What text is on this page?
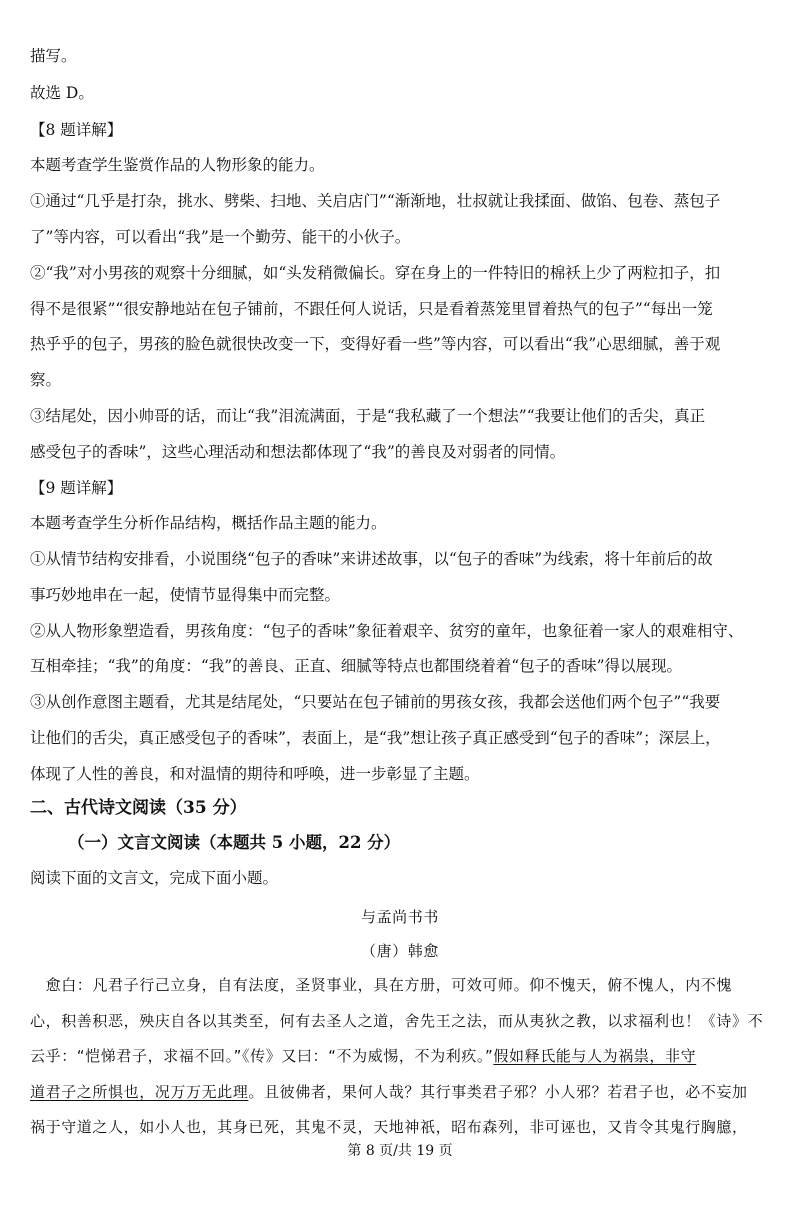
描写。
故选 D。
【8 题详解】
本题考查学生鉴赏作品的人物形象的能力。
①通过“几乎是打杂，挑水、劈柴、扫地、关启店门”“渐渐地，壮叔就让我揉面、做馅、包卷、蒸包子
了”等内容，可以看出“我”是一个勤劳、能干的小伙子。
②“我”对小男孩的观察十分细腻，如“头发稍微偏长。穿在身上的一件特旧的棉袄上少了两粒扣子，扣
得不是很紧”“很安静地站在包子铺前，不跟任何人说话，只是看着蒸笼里冒着热气的包子”“每出一笼
热乎乎的包子，男孩的脸色就很快改变一下，变得好看一些”等内容，可以看出“我”心思细腻，善于观
察。
③结尾处，因小帅哥的话，而让“我”泪流满面，于是“我私藏了一个想法”“我要让他们的舌尖，真正
感受包子的香味”，这些心理活动和想法都体现了“我”的善良及对弱者的同情。
【9 题详解】
本题考查学生分析作品结构，概括作品主题的能力。
①从情节结构安排看，小说围绕“包子的香味”来讲述故事，以“包子的香味”为线索，将十年前后的故
事巧妙地串在一起，使情节显得集中而完整。
②从人物形象塑造看，男孩角度：“包子的香味”象征着艰辛、贫穷的童年，也象征着一家人的艰难相守、
互相牵挂；“我”的角度：“我”的善良、正直、细腻等特点也都围绕着着“包子的香味”得以展现。
③从创作意图主题看，尤其是结尾处，“只要站在包子铺前的男孩女孩，我都会送他们两个包子”“我要
让他们的舌尖，真正感受包子的香味”，表面上，是“我”想让孩子真正感受到“包子的香味”；深层上，
体现了人性的善良，和对温情的期待和呼唤，进一步彰显了主题。
二、古代诗文阅读（35 分）
（一）文言文阅读（本题共 5 小题，22 分）
阅读下面的文言文，完成下面小题。
与孟尚书书
（唐）韩愈
　愈白：凡君子行己立身，自有法度，圣贤事业，具在方册，可效可师。仰不愧天，俯不愧人，内不愧
心，积善积恶，殃庆自各以其类至，何有去圣人之道，舍先王之法，而从夷狄之教，以求福利也！《诗》不
云乎：“恺悌君子，求福不回。”《传》又曰：“不为威惕，不为利疚。”假如释氏能与人为祸祟，非守
道君子之所惧也，况万万无此理。且彼佛者，果何人哉？其行事类君子邪？小人邪？若君子也，必不妄加
祸于守道之人，如小人也，其身已死，其鬼不灵，天地神祇，昭布森列，非可诬也，又肯令其鬼行胸臆，
第 8 页/共 19 页
